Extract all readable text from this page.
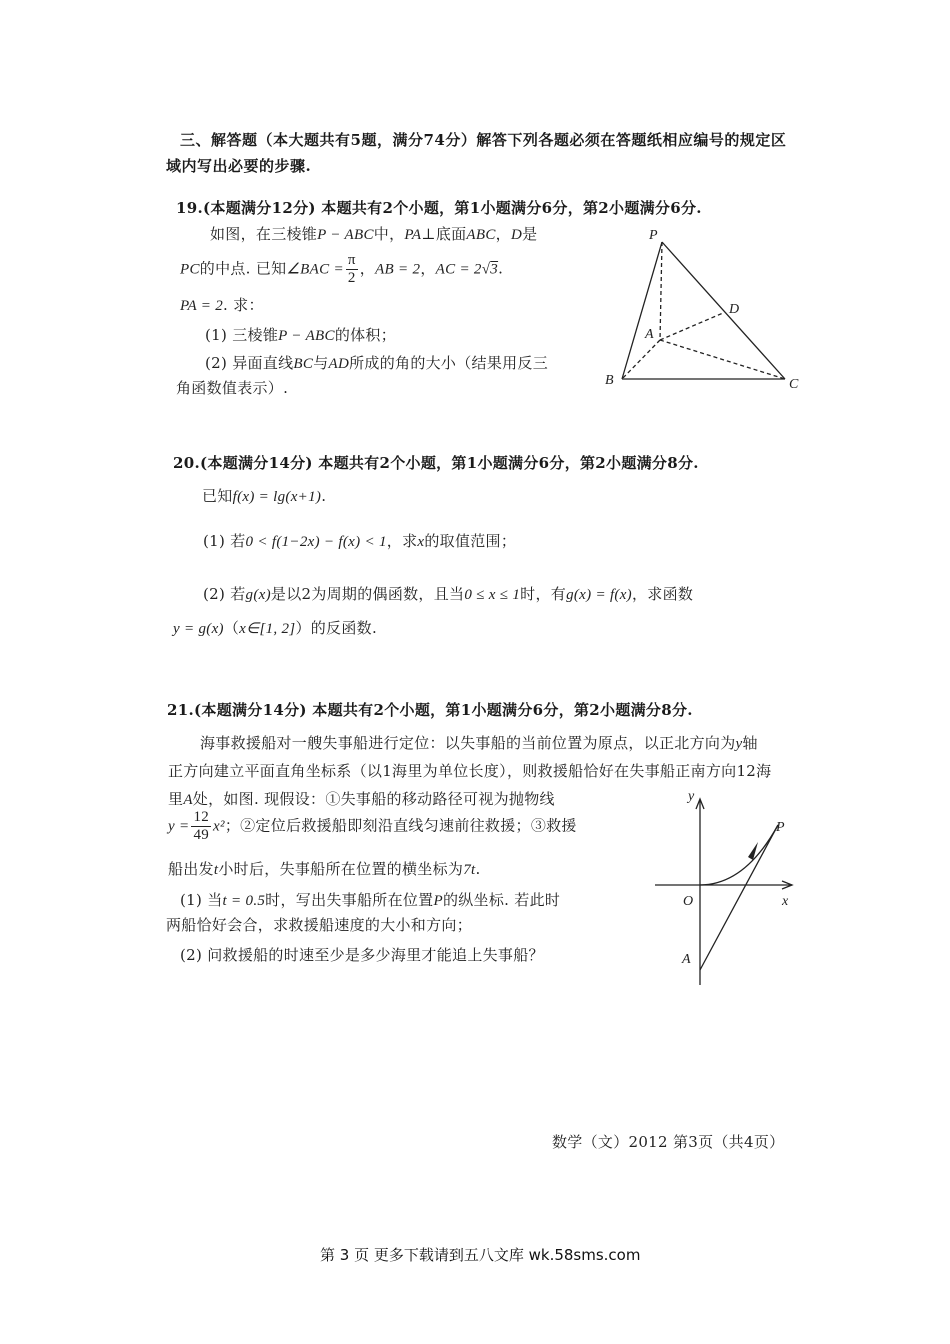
三、解答题（本大题共有5题，满分74分）解答下列各题必须在答题纸相应编号的规定区
域内写出必要的步骤.
19.(本题满分12分) 本题共有2个小题，第1小题满分6分，第2小题满分6分.
如图，在三棱锥P − ABC中，PA⊥底面ABC，D是
PC的中点. 已知∠BAC = $\frac{\pi}{2}$ ，AB = 2，AC = 2√3.
PA = 2. 求：
(1) 三棱锥P − ABC的体积；
(2) 异面直线BC与AD所成的角的大小（结果用反三
角函数值表示）.
P
A
B	C
D
20.(本题满分14分) 本题共有2个小题，第1小题满分6分，第2小题满分8分.
已知f(x) = lg(x+1).
(1) 若0 < f(1−2x) − f(x) < 1，求x的取值范围；
(2) 若g(x)是以2为周期的偶函数，且当0 ≤ x ≤ 1时，有g(x) = f(x)，求函数
y = g(x)（x∈[1, 2]）的反函数.
21.(本题满分14分) 本题共有2个小题，第1小题满分6分，第2小题满分8分.
海事救援船对一艘失事船进行定位：以失事船的当前位置为原点，以正北方向为y轴
正方向建立平面直角坐标系（以1海里为单位长度），则救援船恰好在失事船正南方向12海
里A处，如图. 现假设：①失事船的移动路径可视为抛物线
$y = \frac{12}{49} x^2$；②定位后救援船即刻沿直线匀速前往救援；③救援
船出发t小时后，失事船所在位置的横坐标为7t.
(1) 当t = 0.5时，写出失事船所在位置P的纵坐标. 若此时
两船恰好会合，求救援船速度的大小和方向；
(2) 问救援船的时速至少是多少海里才能追上失事船？
y
x
O
A
P
数学（文）2012 第3页（共4页）
第 3 页 更多下载请到五八文库 wk.58sms.com
